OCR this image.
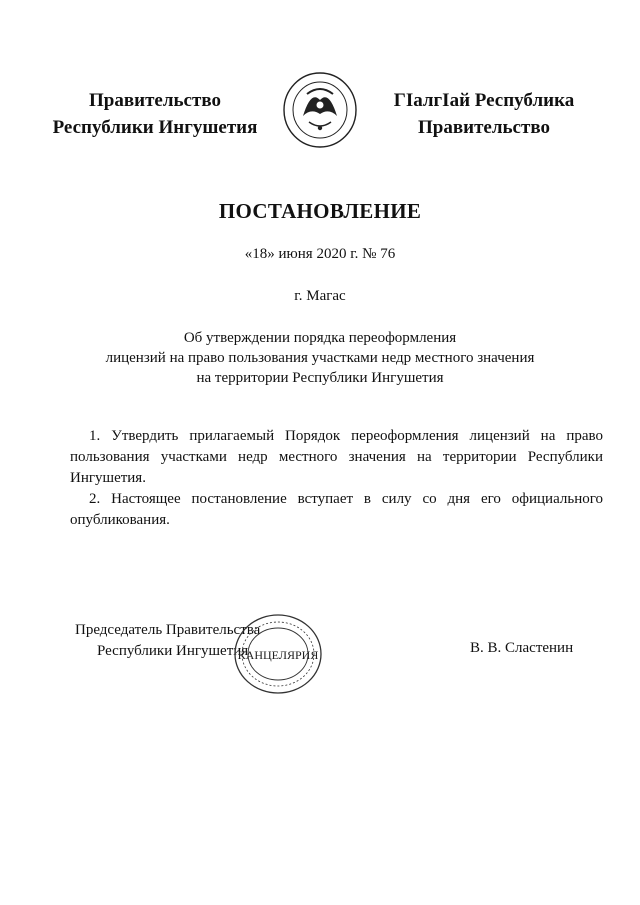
Правительство
Республики Ингушетия
ГIалгIай Республика
Правительство
ПОСТАНОВЛЕНИЕ
«18» июня 2020 г. № 76
г. Магас
Об утверждении порядка переоформления
лицензий на право пользования участками недр местного значения
на территории Республики Ингушетия

1. Утвердить прилагаемый Порядок переоформления лицензий на право пользования участками недр местного значения на территории Республики Ингушетия.

2. Настоящее постановление вступает в силу со дня его официального опубликования.

Председатель Правительства
Республики Ингушетия
КАНЦЕЛЯРИЯ	В. В. Сластенин
